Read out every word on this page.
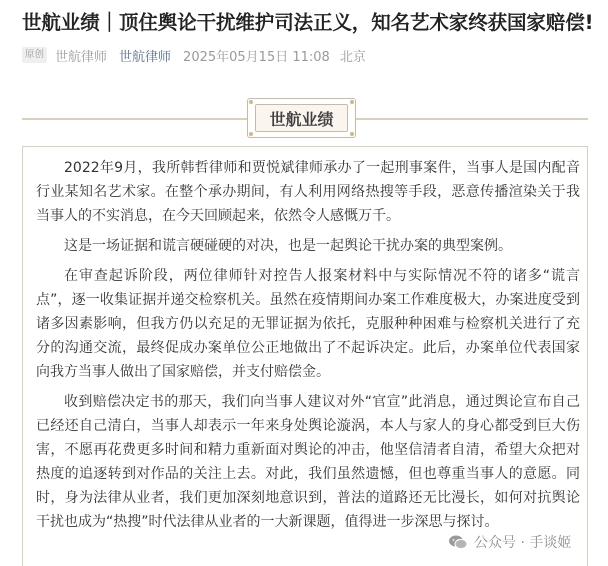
世航业绩｜顶住舆论干扰维护司法正义，知名艺术家终获国家赔偿!
原创 世航律师 世航律师 2025年05月15日 11:08 北京
世航业绩

2022年9月，我所韩哲律师和贾悦斌律师承办了一起刑事案件，当事人是国内配音行业某知名艺术家。在整个承办期间，有人利用网络热搜等手段，恶意传播渲染关于我当事人的不实消息，在今天回顾起来，依然令人感慨万千。

这是一场证据和谎言硬碰硬的对决，也是一起舆论干扰办案的典型案例。

在审查起诉阶段，两位律师针对控告人报案材料中与实际情况不符的诸多“谎言点”，逐一收集证据并递交检察机关。虽然在疫情期间办案工作难度极大，办案进度受到诸多因素影响，但我方仍以充足的无罪证据为依托，克服种种困难与检察机关进行了充分的沟通交流，最终促成办案单位公正地做出了不起诉决定。此后，办案单位代表国家向我方当事人做出了国家赔偿，并支付赔偿金。

收到赔偿决定书的那天，我们向当事人建议对外“官宣”此消息，通过舆论宣布自己已经还自己清白，当事人却表示一年来身处舆论漩涡，本人与家人的身心都受到巨大伤害，不愿再花费更多时间和精力重新面对舆论的冲击，他坚信清者自清，希望大众把对热度的追逐转到对作品的关注上去。对此，我们虽然遗憾，但也尊重当事人的意愿。同时，身为法律从业者，我们更加深刻地意识到，普法的道路还无比漫长，如何对抗舆论干扰也成为“热搜”时代法律从业者的一大新课题，值得进一步深思与探讨。

公众号 · 手谈姬
